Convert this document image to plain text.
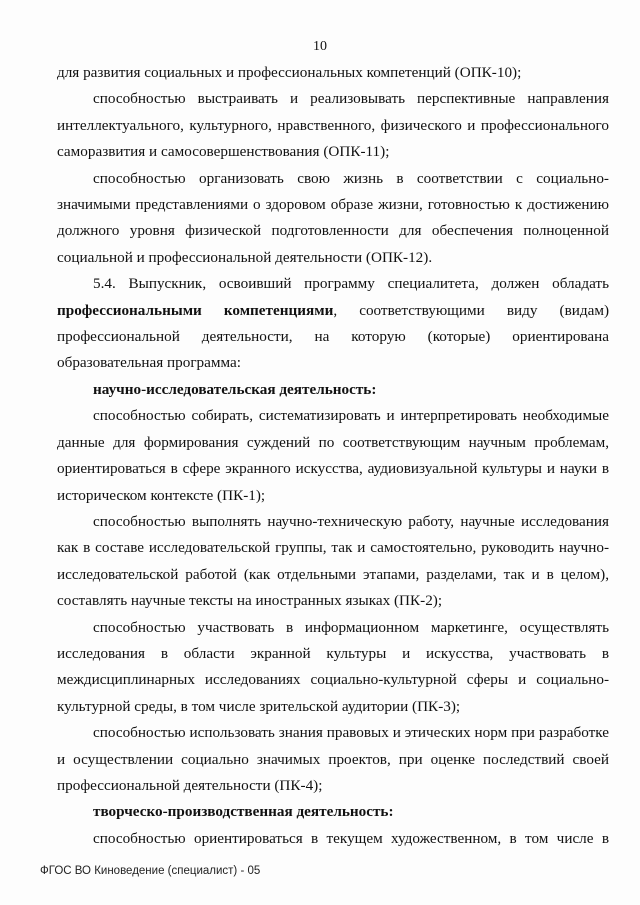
10

для развития социальных и профессиональных компетенций (ОПК-10);

способностью выстраивать и реализовывать перспективные направления интеллектуального, культурного, нравственного, физического и профессионального саморазвития и самосовершенствования (ОПК-11);

способностью организовать свою жизнь в соответствии с социально-значимыми представлениями о здоровом образе жизни, готовностью к достижению должного уровня физической подготовленности для обеспечения полноценной социальной и профессиональной деятельности (ОПК-12).

5.4. Выпускник, освоивший программу специалитета, должен обладать профессиональными компетенциями, соответствующими виду (видам) профессиональной деятельности, на которую (которые) ориентирована образовательная программа:

научно-исследовательская деятельность:

способностью собирать, систематизировать и интерпретировать необходимые данные для формирования суждений по соответствующим научным проблемам, ориентироваться в сфере экранного искусства, аудиовизуальной культуры и науки в историческом контексте (ПК-1);

способностью выполнять научно-техническую работу, научные исследования как в составе исследовательской группы, так и самостоятельно, руководить научно-исследовательской работой (как отдельными этапами, разделами, так и в целом), составлять научные тексты на иностранных языках (ПК-2);

способностью участвовать в информационном маркетинге, осуществлять исследования в области экранной культуры и искусства, участвовать в междисциплинарных исследованиях социально-культурной сферы и социально-культурной среды, в том числе зрительской аудитории (ПК-3);

способностью использовать знания правовых и этических норм при разработке и осуществлении социально значимых проектов, при оценке последствий своей профессиональной деятельности (ПК-4);

творческо-производственная деятельность:

способностью ориентироваться в текущем художественном, в том числе в

ФГОС ВО Киноведение (специалист) - 05
